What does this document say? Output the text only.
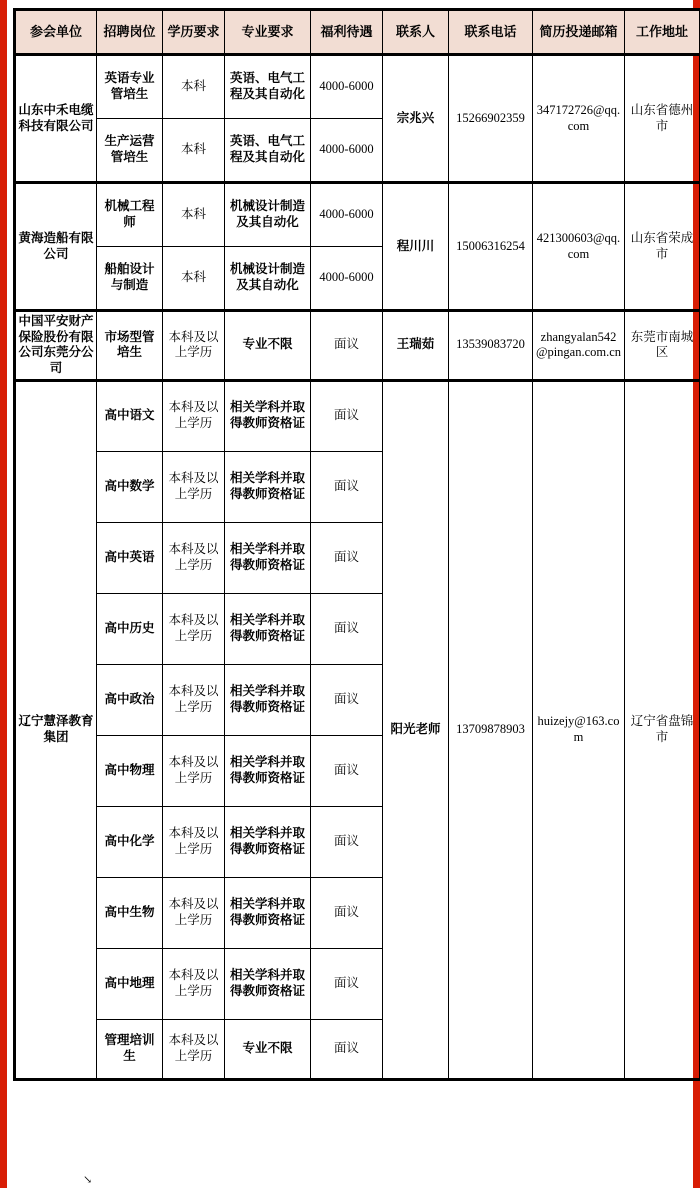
参会单位	招聘岗位	学历要求	专业要求	福利待遇	联系人	联系电话	简历投递邮箱	工作地址
山东中禾电缆科技有限公司	英语专业管培生	本科	英语、电气工程及其自动化	4000-6000	宗兆兴	15266902359	347172726@qq.com	山东省德州市
	生产运营管培生	本科	英语、电气工程及其自动化	4000-6000				
黄海造船有限公司	机械工程师	本科	机械设计制造及其自动化	4000-6000	程川川	15006316254	421300603@qq.com	山东省荣成市
	船舶设计与制造	本科	机械设计制造及其自动化	4000-6000				
中国平安财产保险股份有限公司东莞分公司	市场型管培生	本科及以上学历	专业不限	面议	王瑞茹	13539083720	zhangyalan542@pingan.com.cn	东莞市南城区
辽宁慧泽教育集团	高中语文	本科及以上学历	相关学科并取得教师资格证	面议	阳光老师	13709878903	huizejy@163.com	辽宁省盘锦市
	高中数学	本科及以上学历	相关学科并取得教师资格证	面议				
	高中英语	本科及以上学历	相关学科并取得教师资格证	面议				
	高中历史	本科及以上学历	相关学科并取得教师资格证	面议				
	高中政治	本科及以上学历	相关学科并取得教师资格证	面议				
	高中物理	本科及以上学历	相关学科并取得教师资格证	面议				
	高中化学	本科及以上学历	相关学科并取得教师资格证	面议				
	高中生物	本科及以上学历	相关学科并取得教师资格证	面议				
	高中地理	本科及以上学历	相关学科并取得教师资格证	面议				
	管理培训生	本科及以上学历	专业不限	面议				
↘
